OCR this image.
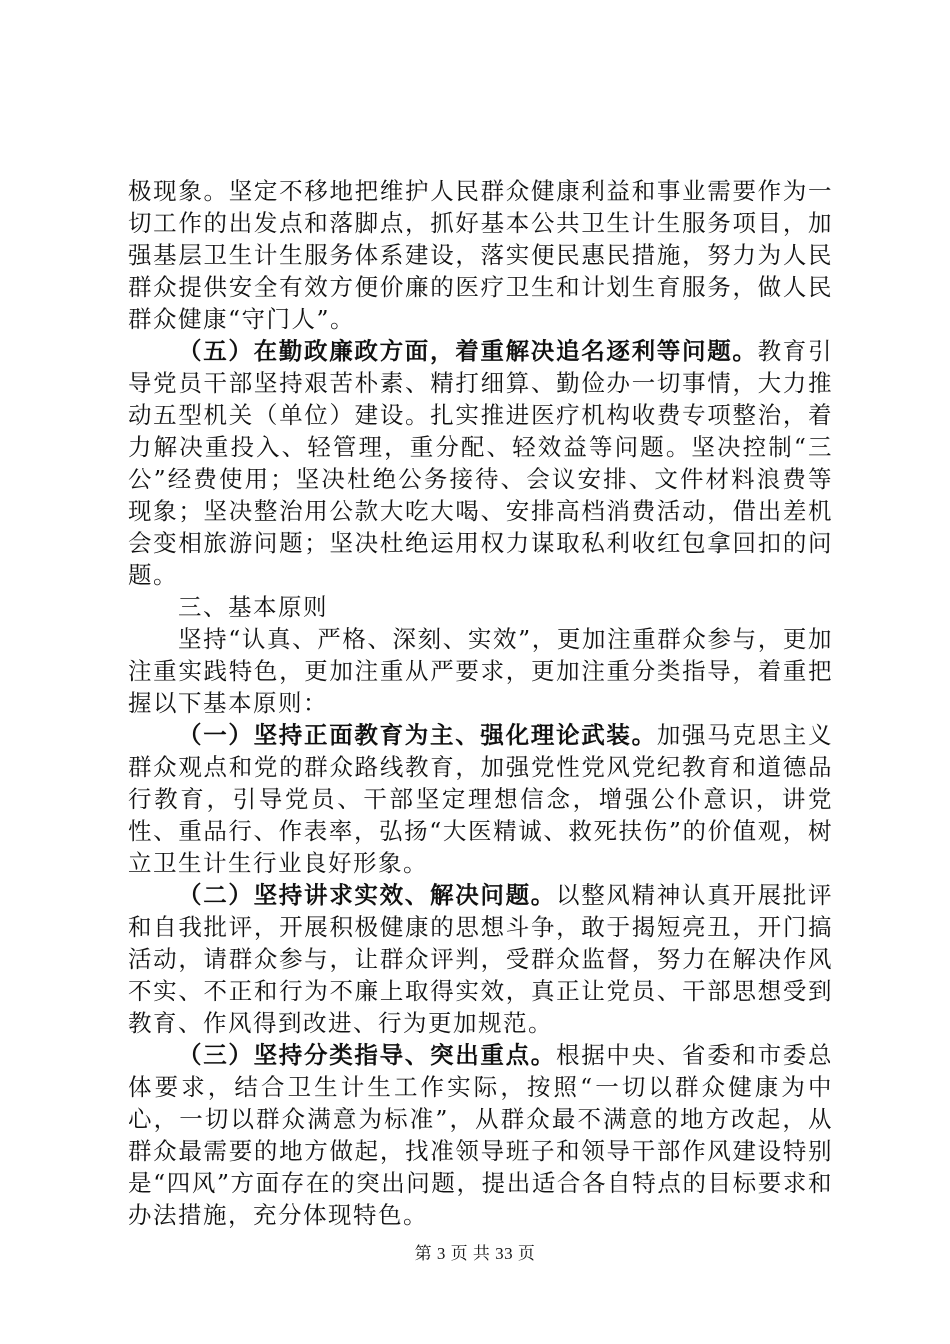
极现象。坚定不移地把维护人民群众健康利益和事业需要作为一切工作的出发点和落脚点，抓好基本公共卫生计生服务项目，加强基层卫生计生服务体系建设，落实便民惠民措施，努力为人民群众提供安全有效方便价廉的医疗卫生和计划生育服务，做人民群众健康“守门人”。

（五）在勤政廉政方面，着重解决追名逐利等问题。教育引导党员干部坚持艰苦朴素、精打细算、勤俭办一切事情，大力推动五型机关（单位）建设。扎实推进医疗机构收费专项整治，着力解决重投入、轻管理，重分配、轻效益等问题。坚决控制“三公”经费使用；坚决杜绝公务接待、会议安排、文件材料浪费等现象；坚决整治用公款大吃大喝、安排高档消费活动，借出差机会变相旅游问题；坚决杜绝运用权力谋取私利收红包拿回扣的问题。

三、基本原则

坚持“认真、严格、深刻、实效”，更加注重群众参与，更加注重实践特色，更加注重从严要求，更加注重分类指导，着重把握以下基本原则：

（一）坚持正面教育为主、强化理论武装。加强马克思主义群众观点和党的群众路线教育，加强党性党风党纪教育和道德品行教育，引导党员、干部坚定理想信念，增强公仆意识，讲党性、重品行、作表率，弘扬“大医精诚、救死扶伤”的价值观，树立卫生计生行业良好形象。

（二）坚持讲求实效、解决问题。以整风精神认真开展批评和自我批评，开展积极健康的思想斗争，敢于揭短亮丑，开门搞活动，请群众参与，让群众评判，受群众监督，努力在解决作风不实、不正和行为不廉上取得实效，真正让党员、干部思想受到教育、作风得到改进、行为更加规范。

（三）坚持分类指导、突出重点。根据中央、省委和市委总体要求，结合卫生计生工作实际，按照“一切以群众健康为中心，一切以群众满意为标准”，从群众最不满意的地方改起，从群众最需要的地方做起，找准领导班子和领导干部作风建设特别是“四风”方面存在的突出问题，提出适合各自特点的目标要求和办法措施，充分体现特色。

第 3 页 共 33 页
